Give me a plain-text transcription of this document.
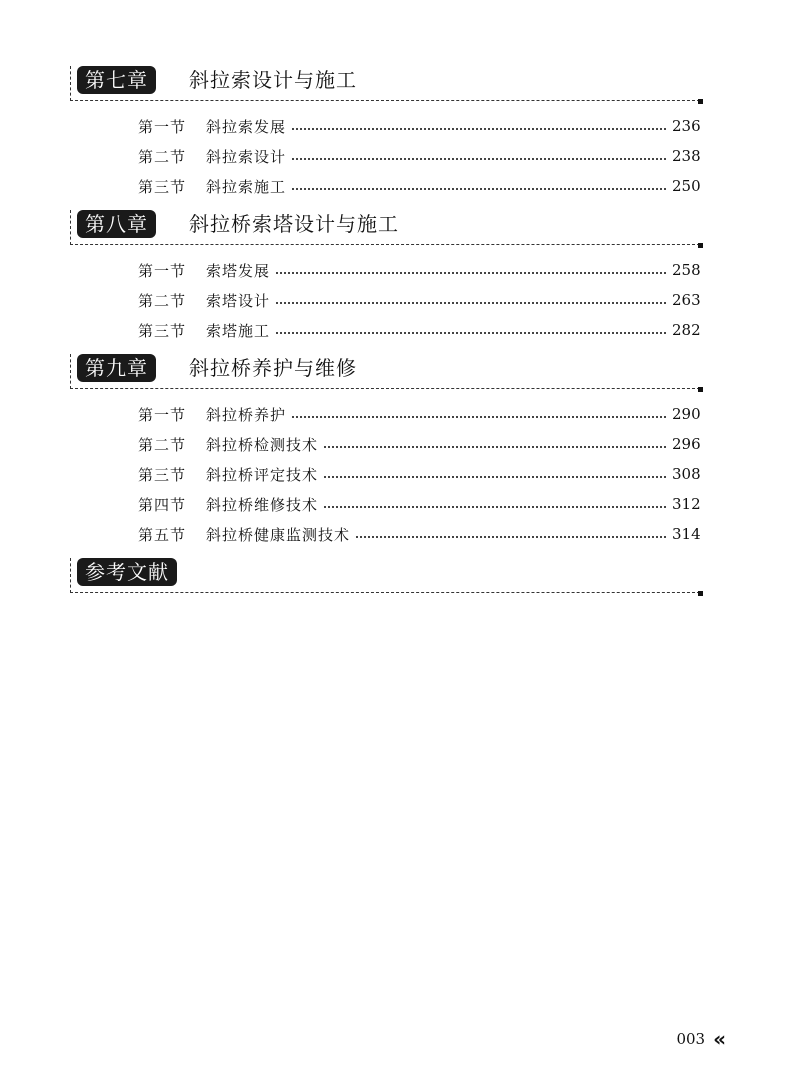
第七章	斜拉索设计与施工
第一节	斜拉索发展	236
第二节	斜拉索设计	238
第三节	斜拉索施工	250
第八章	斜拉桥索塔设计与施工
第一节	索塔发展	258
第二节	索塔设计	263
第三节	索塔施工	282
第九章	斜拉桥养护与维修
第一节	斜拉桥养护	290
第二节	斜拉桥检测技术	296
第三节	斜拉桥评定技术	308
第四节	斜拉桥维修技术	312
第五节	斜拉桥健康监测技术	314
参考文献
003 «
